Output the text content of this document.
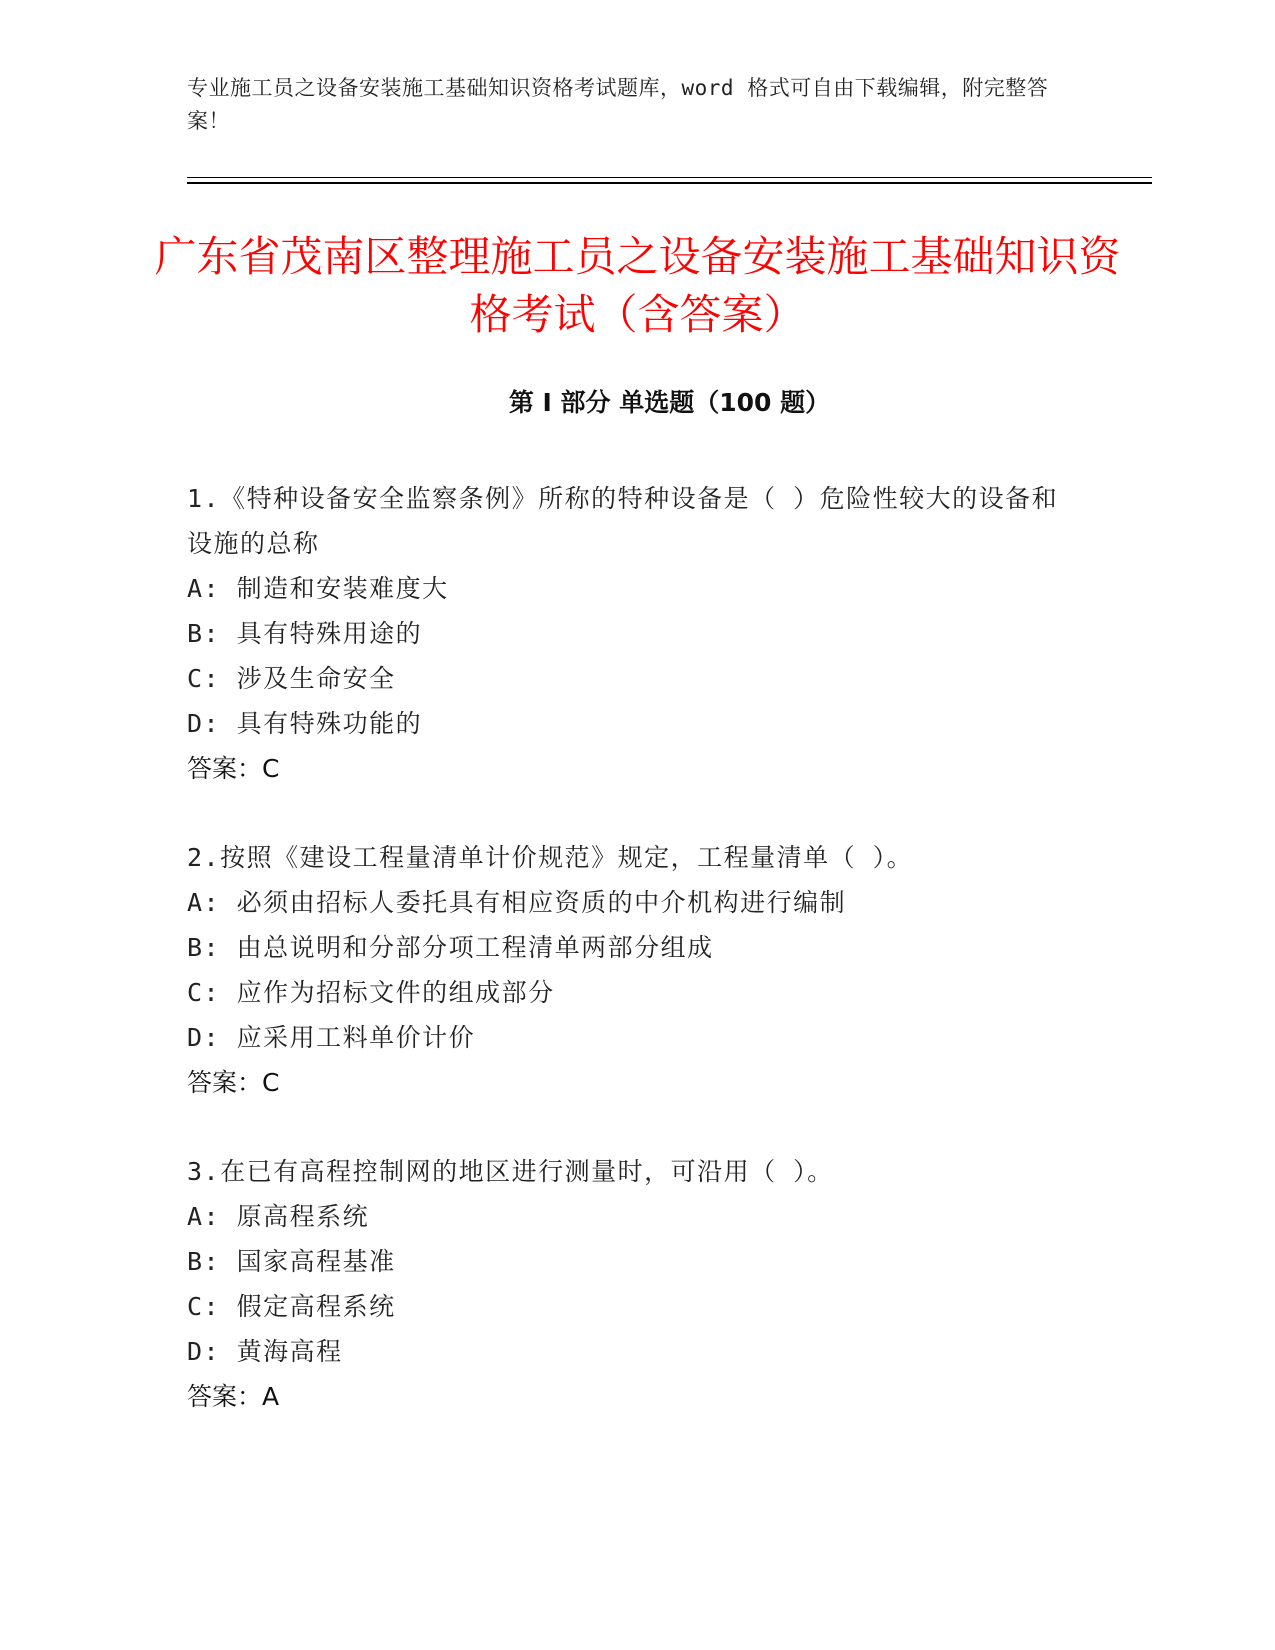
专业施工员之设备安装施工基础知识资格考试题库，word 格式可自由下载编辑，附完整答案！
广东省茂南区整理施工员之设备安装施工基础知识资格考试（含答案）
第 I 部分 单选题（100 题）
1.《特种设备安全监察条例》所称的特种设备是（ ）危险性较大的设备和设施的总称
A: 制造和安装难度大
B: 具有特殊用途的
C: 涉及生命安全
D: 具有特殊功能的
答案：C
2.按照《建设工程量清单计价规范》规定，工程量清单（ ）。
A: 必须由招标人委托具有相应资质的中介机构进行编制
B: 由总说明和分部分项工程清单两部分组成
C: 应作为招标文件的组成部分
D: 应采用工料单价计价
答案：C
3.在已有高程控制网的地区进行测量时，可沿用（ ）。
A: 原高程系统
B: 国家高程基准
C: 假定高程系统
D: 黄海高程
答案：A
